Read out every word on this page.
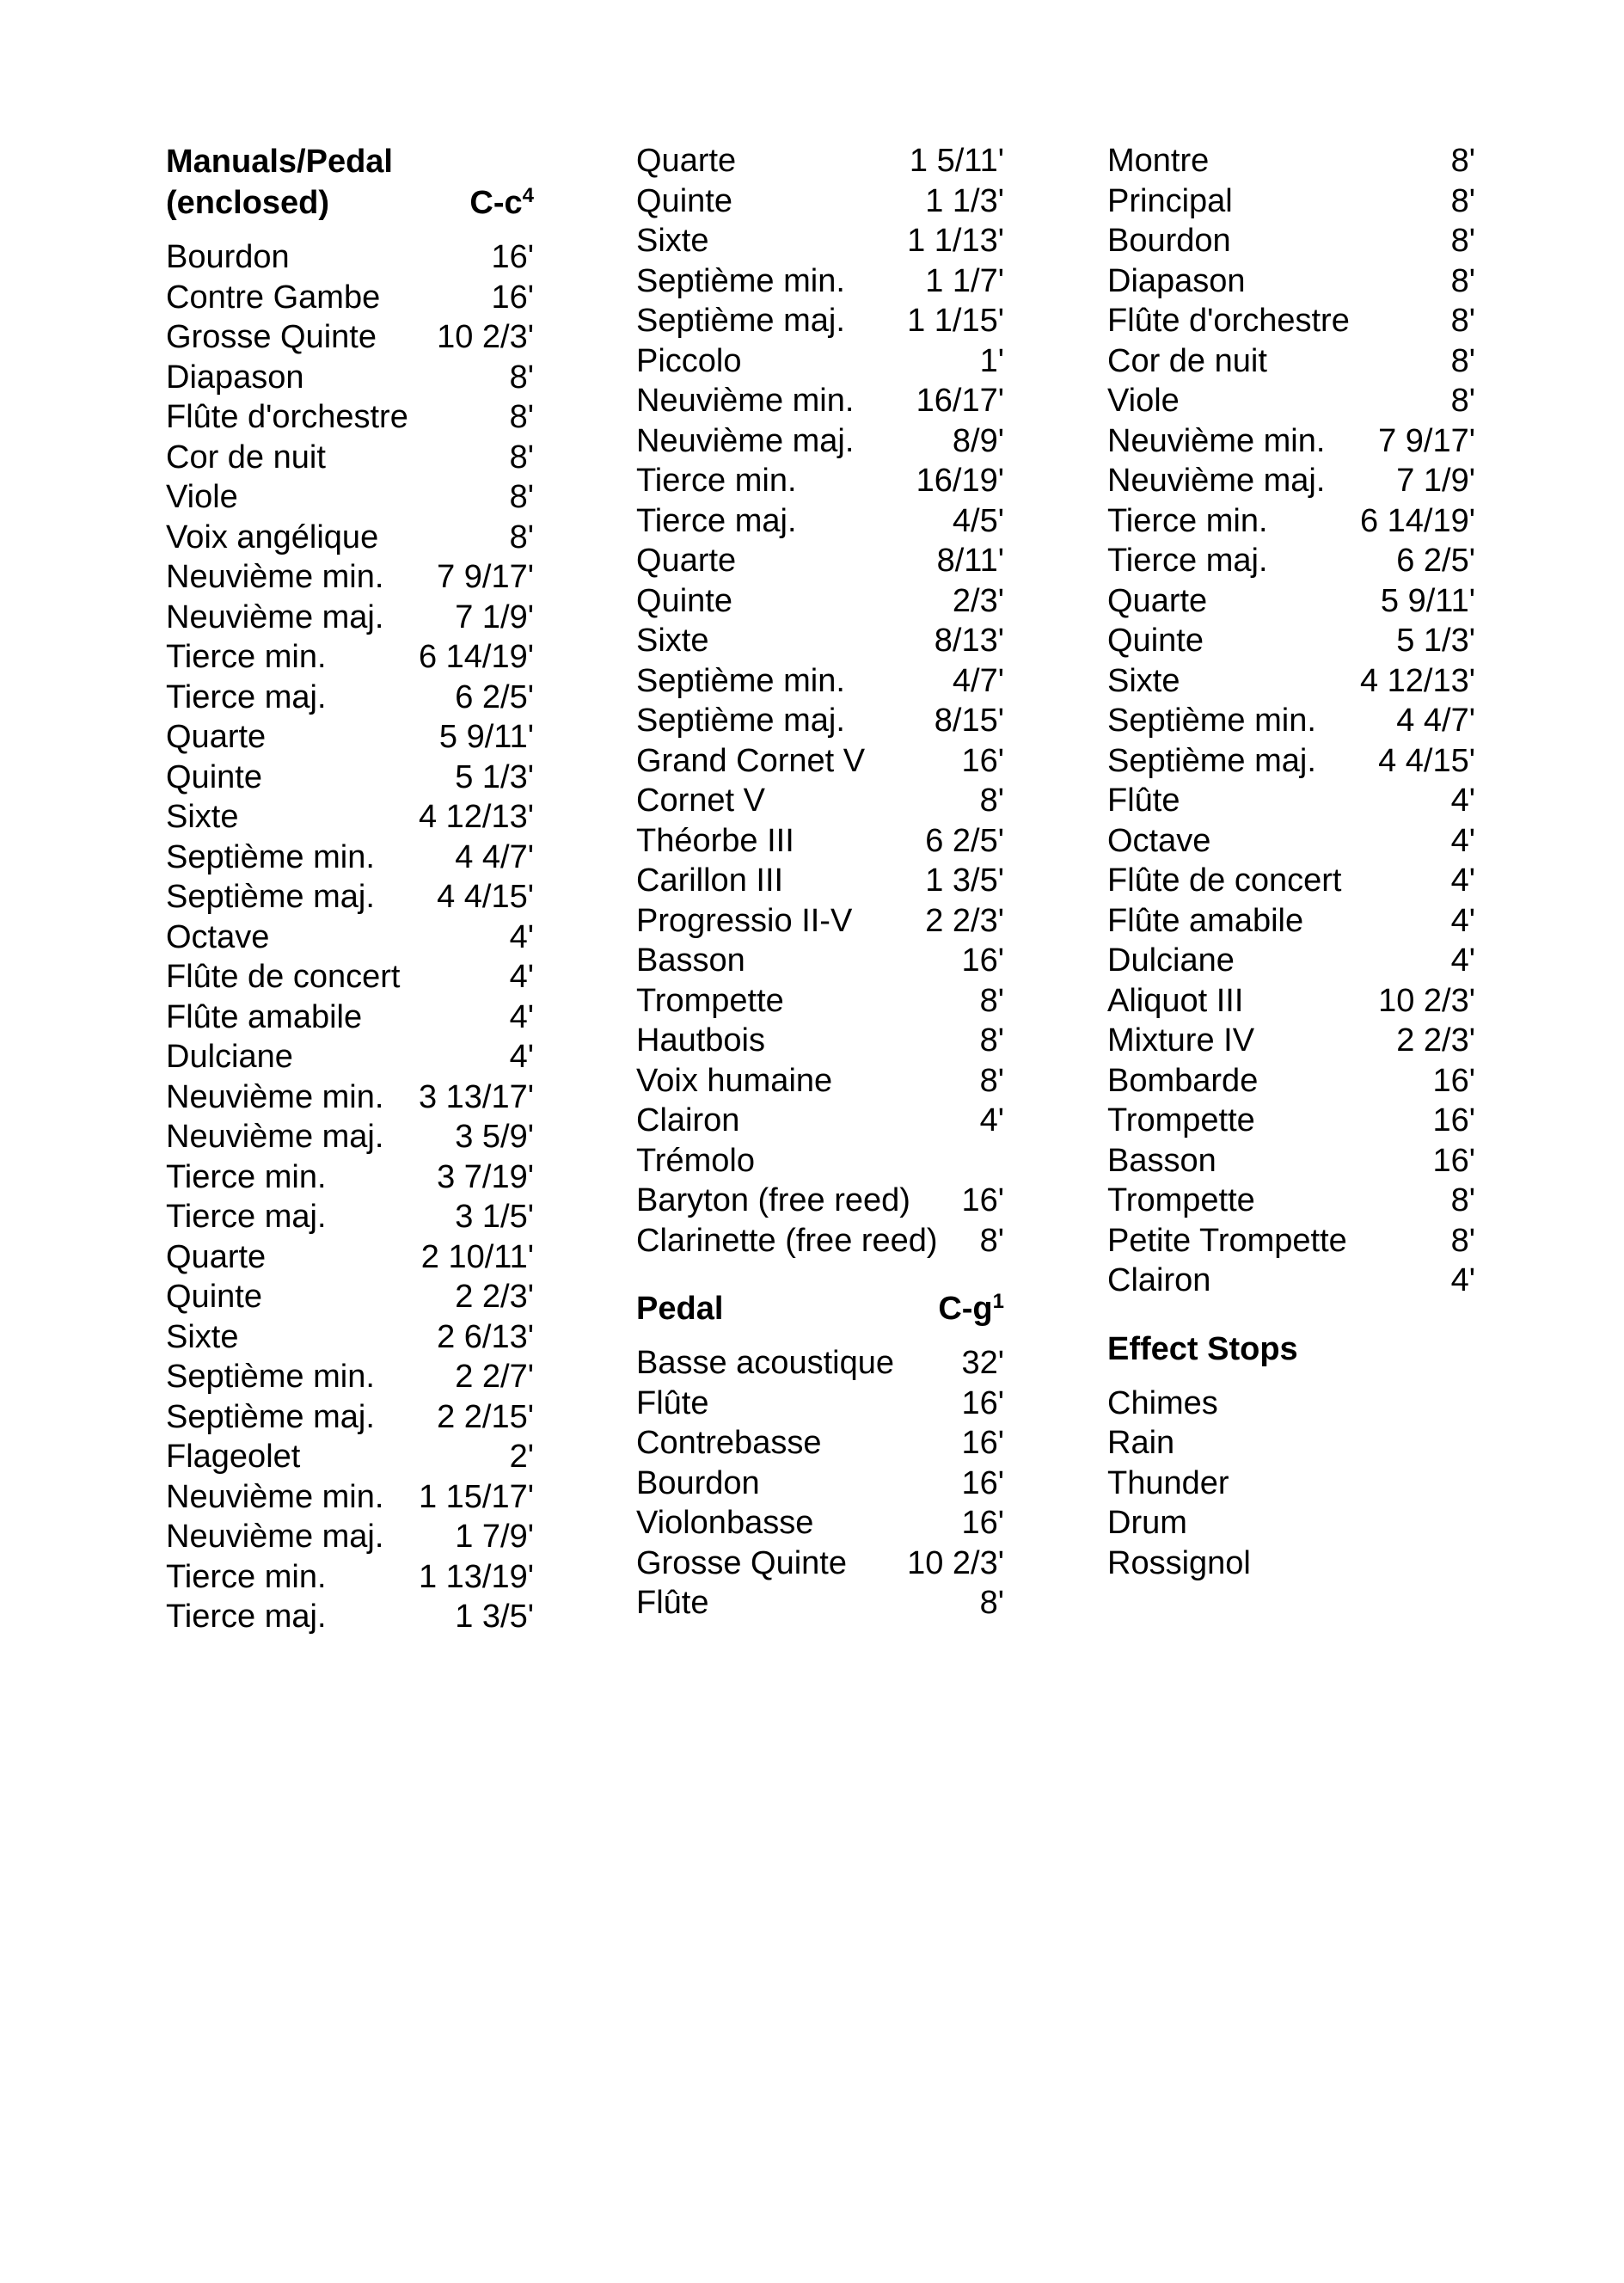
Manuals/Pedal
(enclosed)	$C-c^4$
Bourdon	16'
Contre Gambe	16'
Grosse Quinte 10 2/3'
Diapason	8'
Flûte d'orchestre	8'
Cor de nuit	8'
Viole	8'
Voix angélique	8'
Neuvième min. 7 9/17'
Neuvième maj. 7 1/9'
Tierce min.	6 14/19'
Tierce maj.	6 2/5'
Quarte	5 9/11'
Quinte	5 1/3'
Sixte	4 12/13'
Septième min. 4 4/7'
Septième maj. 4 4/15'
Octave	4'
Flûte de concert	4'
Flûte amabile	4'
Dulciane	4'
Neuvième min. 3 13/17'
Neuvième maj. 3 5/9'
Tierce min.	3 7/19'
Tierce maj.	3 1/5'
Quarte	2 10/11'
Quinte	2 2/3'
Sixte	2 6/13'
Septième min. 2 2/7'
Septième maj. 2 2/15'
Flageolet	2'
Neuvième min. 1 15/17'
Neuvième maj. 1 7/9'
Tierce min.	1 13/19'
Tierce maj.	1 3/5'
Quarte	1 5/11'
Quinte	1 1/3'
Sixte	1 1/13'
Septième min. 1 1/7'
Septième maj. 1 1/15'
Piccolo	1'
Neuvième min. 16/17'
Neuvième maj.	8/9'
Tierce min.	16/19'
Tierce maj.	4/5'
Quarte	8/11'
Quinte	2/3'
Sixte	8/13'
Septième min.	4/7'
Septième maj.	8/15'
Grand Cornet V	16'
Cornet V	8'
Théorbe III	6 2/5'
Carillon III	1 3/5'
Progressio II-V 2 2/3'
Basson	16'
Trompette	8'
Hautbois	8'
Voix humaine	8'
Clairon	4'
Trémolo
Baryton (free reed) 16'
Clarinette (free reed) 8'
Pedal	$C-g^1$
Basse acoustique 32'
Flûte	16'
Contrebasse	16'
Bourdon	16'
Violonbasse	16'
Grosse Quinte 10 2/3'
Flûte	8'
Montre	8'
Principal	8'
Bourdon	8'
Diapason	8'
Flûte d'orchestre	8'
Cor de nuit	8'
Viole	8'
Neuvième min. 7 9/17'
Neuvième maj. 7 1/9'
Tierce min.	6 14/19'
Tierce maj.	6 2/5'
Quarte	5 9/11'
Quinte	5 1/3'
Sixte	4 12/13'
Septième min. 4 4/7'
Septième maj. 4 4/15'
Flûte	4'
Octave	4'
Flûte de concert	4'
Flûte amabile	4'
Dulciane	4'
Aliquot III	10 2/3'
Mixture IV	2 2/3'
Bombarde	16'
Trompette	16'
Basson	16'
Trompette	8'
Petite Trompette	8'
Clairon	4'
Effect Stops
Chimes
Rain
Thunder
Drum
Rossignol
